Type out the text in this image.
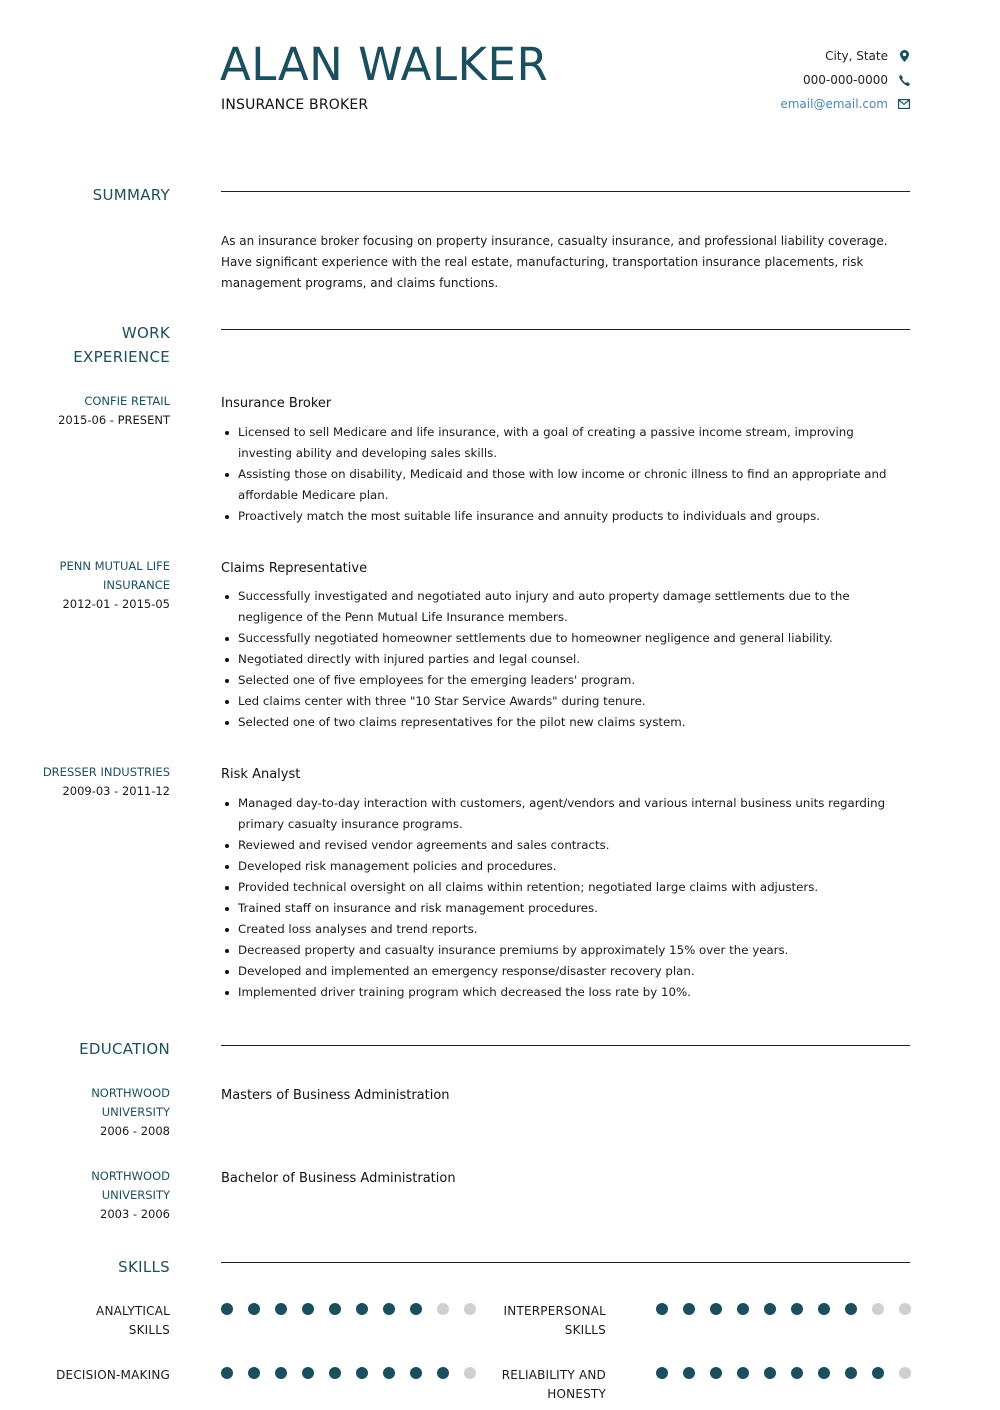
ALAN WALKER
INSURANCE BROKER
City, State
000-000-0000
email@email.com
SUMMARY
As an insurance broker focusing on property insurance, casualty insurance, and professional liability coverage. Have significant experience with the real estate, manufacturing, transportation insurance placements, risk management programs, and claims functions.
WORK
EXPERIENCE
CONFIE RETAIL
2015-06 - PRESENT
Insurance Broker
Licensed to sell Medicare and life insurance, with a goal of creating a passive income stream, improving investing ability and developing sales skills.
Assisting those on disability, Medicaid and those with low income or chronic illness to find an appropriate and affordable Medicare plan.
Proactively match the most suitable life insurance and annuity products to individuals and groups.
PENN MUTUAL LIFE
INSURANCE
2012-01 - 2015-05
Claims Representative
Successfully investigated and negotiated auto injury and auto property damage settlements due to the negligence of the Penn Mutual Life Insurance members.
Successfully negotiated homeowner settlements due to homeowner negligence and general liability.
Negotiated directly with injured parties and legal counsel.
Selected one of five employees for the emerging leaders' program.
Led claims center with three "10 Star Service Awards" during tenure.
Selected one of two claims representatives for the pilot new claims system.
DRESSER INDUSTRIES
2009-03 - 2011-12
Risk Analyst
Managed day-to-day interaction with customers, agent/vendors and various internal business units regarding primary casualty insurance programs.
Reviewed and revised vendor agreements and sales contracts.
Developed risk management policies and procedures.
Provided technical oversight on all claims within retention; negotiated large claims with adjusters.
Trained staff on insurance and risk management procedures.
Created loss analyses and trend reports.
Decreased property and casualty insurance premiums by approximately 15% over the years.
Developed and implemented an emergency response/disaster recovery plan.
Implemented driver training program which decreased the loss rate by 10%.
EDUCATION
NORTHWOOD
UNIVERSITY
2006 - 2008
Masters of Business Administration
NORTHWOOD
UNIVERSITY
2003 - 2006
Bachelor of Business Administration
SKILLS
ANALYTICAL
SKILLS
INTERPERSONAL
SKILLS
DECISION-MAKING	RELIABILITY AND
HONESTY
